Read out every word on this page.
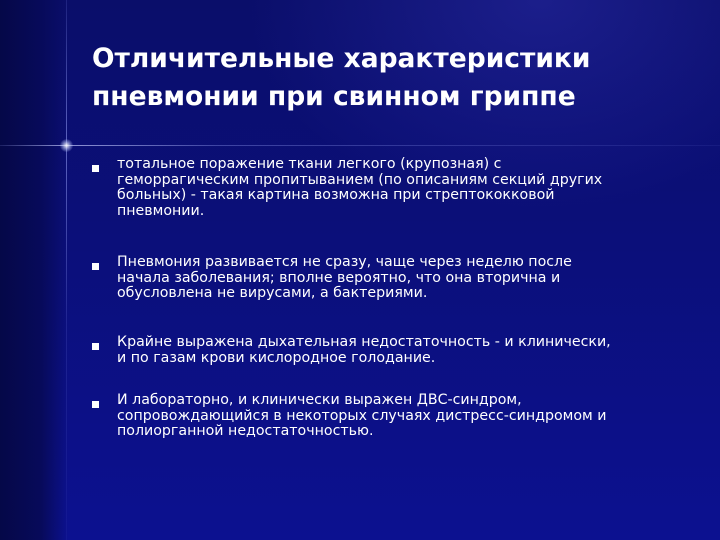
Отличительные характеристики
пневмонии при свинном гриппе
тотальное поражение ткани легкого (крупозная) с
геморрагическим пропитыванием (по описаниям секций других
больных) - такая картина возможна при стрептококковой
пневмонии.
Пневмония развивается не сразу, чаще через неделю после
начала заболевания; вполне вероятно, что она вторична и
обусловлена не вирусами, а бактериями.
Крайне выражена дыхательная недостаточность - и клинически,
и по газам крови кислородное голодание.
И лабораторно, и клинически выражен ДВС-синдром,
сопровождающийся в некоторых случаях дистресс-синдромом и
полиорганной недостаточностью.
